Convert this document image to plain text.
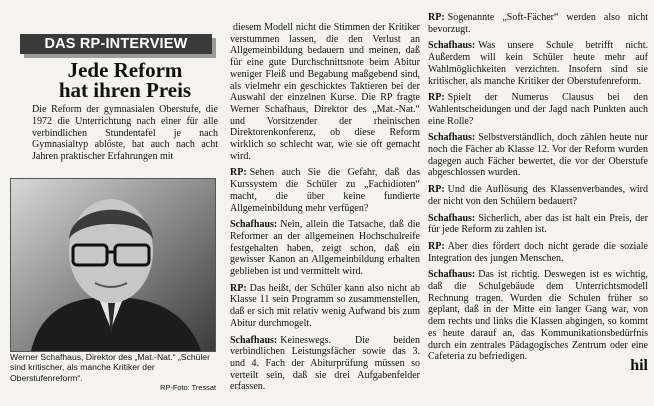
DAS RP-INTERVIEW
Jede Reform
hat ihren Preis
Die Reform der gymnasialen Oberstufe, die 1972 die Unterrichtung nach einer für alle verbindlichen Stundentafel je nach Gymnasialtyp ablöste, hat auch nach acht Jahren praktischer Erfahrungen mit
Werner Schafhaus, Direktor des „Mat.-Nat.“ „Schüler sind kritischer, als manche Kritiker der Oberstufenreform“.
RP-Foto: Tressat

diesem Modell nicht die Stimmen der Kritiker verstummen lassen, die den Verlust an Allgemeinbildung bedauern und meinen, daß für eine gute Durchschnittsnote beim Abitur weniger Fleiß und Begabung maßgebend sind, als vielmehr ein geschicktes Taktieren bei der Auswahl der einzelnen Kurse. Die RP fragte Werner Schafhaus, Direktor des „Mat.-Nat.“ und Vorsitzender der rheinischen Direktorenkonferenz, ob diese Reform wirklich so schlecht war, wie sie oft gemacht wird.

RP: Sehen auch Sie die Gefahr, daß das Kurssystem die Schüler zu „Fachidioten“ macht, die über keine fundierte Allgemeinbildung mehr verfügen?

Schafhaus: Nein, allein die Tatsache, daß die Reformer an der allgemeinen Hochschulreife festgehalten haben, zeigt schon, daß ein gewisser Kanon an Allgemeinbildung erhalten geblieben ist und vermittelt wird.

RP: Das heißt, der Schüler kann also nicht ab Klasse 11 sein Programm so zusammenstellen, daß er sich mit relativ wenig Aufwand bis zum Abitur durchmogelt.

Schafhaus: Keineswegs. Die beiden verbindlichen Leistungsfächer sowie das 3. und 4. Fach der Abiturprüfung müssen so verteilt sein, daß sie drei Aufgabenfelder erfassen.

RP: Sogenannte „Soft-Fächer“ werden also nicht bevorzugt.

Schafhaus: Was unsere Schule betrifft nicht. Außerdem will kein Schüler heute mehr auf Wahlmöglichkeiten verzichten. Insofern sind sie kritischer, als manche Kritiker der Oberstufenreform.

RP: Spielt der Numerus Clausus bei den Wahlentscheidungen und der Jagd nach Punkten auch eine Rolle?

Schafhaus: Selbstverständlich, doch zählen heute nur noch die Fächer ab Klasse 12. Vor der Reform wurden dagegen auch Fächer bewertet, die vor der Oberstufe abgeschlossen wurden.

RP: Und die Auflösung des Klassenverbandes, wird der nicht von den Schülern bedauert?

Schafhaus: Sicherlich, aber das ist halt ein Preis, der für jede Reform zu zahlen ist.

RP: Aber dies fördert doch nicht gerade die soziale Integration des jungen Menschen.

Schafhaus: Das ist richtig. Deswegen ist es wichtig, daß die Schulgebäude dem Unterrichtsmodell Rechnung tragen. Wurden die Schulen früher so geplant, daß in der Mitte ein langer Gang war, von dem rechts und links die Klassen abgingen, so kommt es heute darauf an, das Kommunikationsbedürfnis durch ein zentrales Pädagogisches Zentrum oder eine Cafeteria zu befriedigen.

hil
